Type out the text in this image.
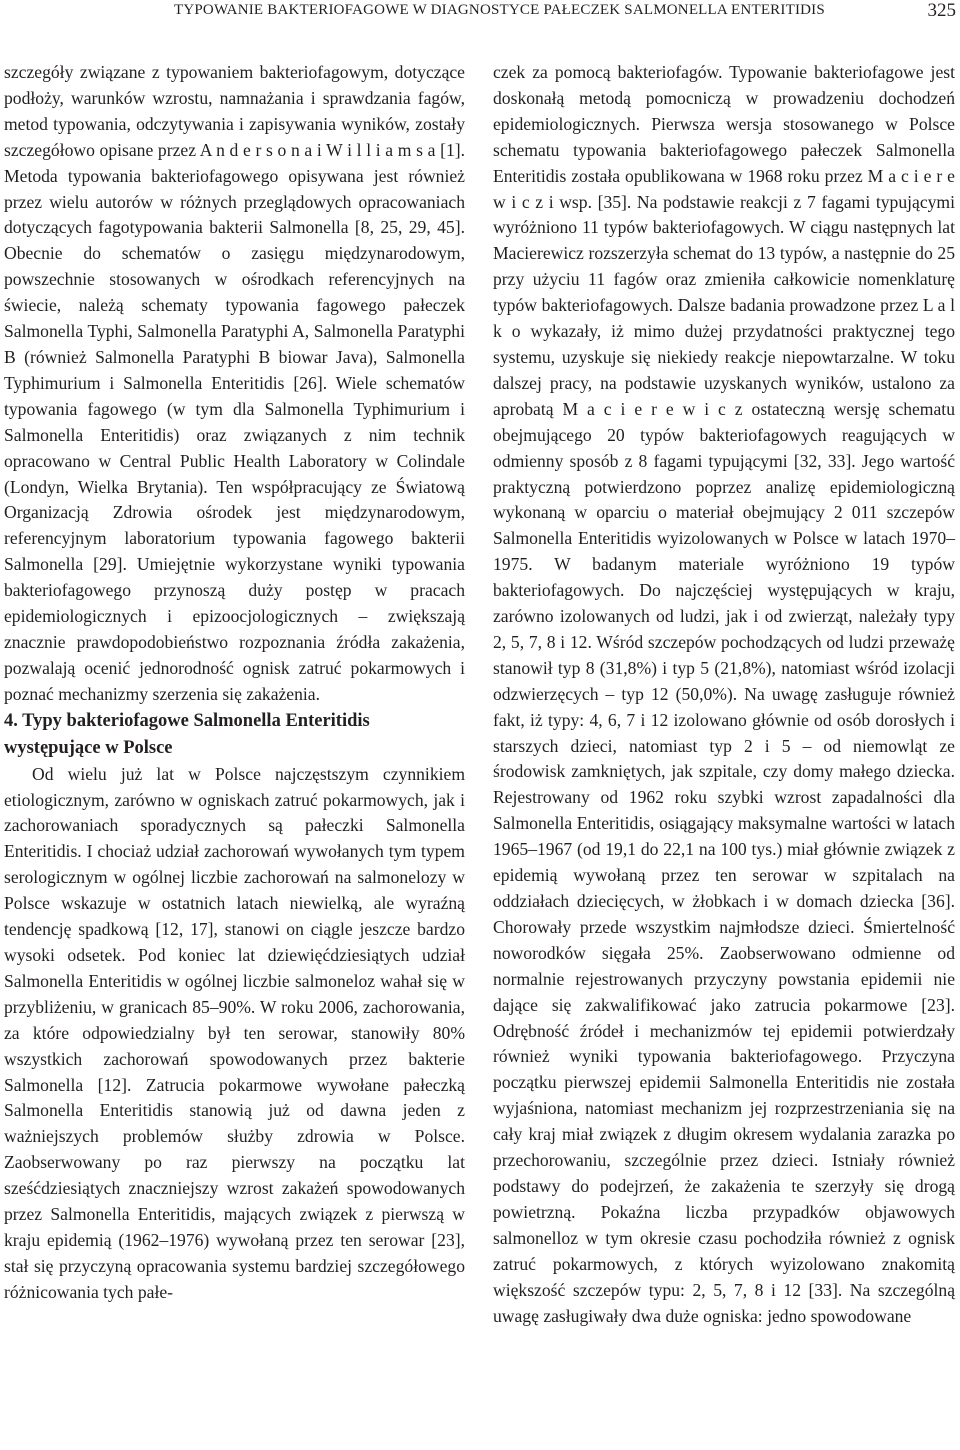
TYPOWANIE BAKTERIOFAGOWE W DIAGNOSTYCE PAŁECZEK SALMONELLA ENTERITIDIS	325

szczegóły związane z typowaniem bakteriofagowym, dotyczące podłoży, warunków wzrostu, namnażania i sprawdzania fagów, metod typowania, odczytywania i zapisywania wyników, zostały szczegółowo opisane przez A n d e r s o n a i W i l l i a m s a [1]. Metoda typowania bakteriofagowego opisywana jest również przez wielu autorów w różnych przeglądowych opracowaniach dotyczących fagotypowania bakterii Salmonella [8, 25, 29, 45]. Obecnie do schematów o zasięgu międzynarodowym, powszechnie stosowanych w ośrodkach referencyjnych na świecie, należą schematy typowania fagowego pałeczek Salmonella Typhi, Salmonella Paratyphi A, Salmonella Paratyphi B (również Salmonella Paratyphi B biowar Java), Salmonella Typhimurium i Salmonella Enteritidis [26]. Wiele schematów typowania fagowego (w tym dla Salmonella Typhimurium i Salmonella Enteritidis) oraz związanych z nim technik opracowano w Central Public Health Laboratory w Colindale (Londyn, Wielka Brytania). Ten współpracujący ze Światową Organizacją Zdrowia ośrodek jest międzynarodowym, referencyjnym laboratorium typowania fagowego bakterii Salmonella [29]. Umiejętnie wykorzystane wyniki typowania bakteriofagowego przynoszą duży postęp w pracach epidemiologicznych i epizoocjologicznych – zwiększają znacznie prawdopodobieństwo rozpoznania źródła zakażenia, pozwalają ocenić jednorodność ognisk zatruć pokarmowych i poznać mechanizmy szerzenia się zakażenia.

4. Typy bakteriofagowe Salmonella Enteritidis występujące w Polsce

Od wielu już lat w Polsce najczęstszym czynnikiem etiologicznym, zarówno w ogniskach zatruć pokarmowych, jak i zachorowaniach sporadycznych są pałeczki Salmonella Enteritidis. I chociaż udział zachorowań wywołanych tym typem serologicznym w ogólnej liczbie zachorowań na salmonelozy w Polsce wskazuje w ostatnich latach niewielką, ale wyraźną tendencję spadkową [12, 17], stanowi on ciągle jeszcze bardzo wysoki odsetek. Pod koniec lat dziewięćdziesiątych udział Salmonella Enteritidis w ogólnej liczbie salmoneloz wahał się w przybliżeniu, w granicach 85–90%. W roku 2006, zachorowania, za które odpowiedzialny był ten serowar, stanowiły 80% wszystkich zachorowań spowodowanych przez bakterie Salmonella [12]. Zatrucia pokarmowe wywołane pałeczką Salmonella Enteritidis stanowią już od dawna jeden z ważniejszych problemów służby zdrowia w Polsce. Zaobserwowany po raz pierwszy na początku lat sześćdziesiątych znaczniejszy wzrost zakażeń spowodowanych przez Salmonella Enteritidis, mających związek z pierwszą w kraju epidemią (1962–1976) wywołaną przez ten serowar [23], stał się przyczyną opracowania systemu bardziej szczegółowego różnicowania tych pałe-

czek za pomocą bakteriofagów. Typowanie bakteriofagowe jest doskonałą metodą pomocniczą w prowadzeniu dochodzeń epidemiologicznych. Pierwsza wersja stosowanego w Polsce schematu typowania bakteriofagowego pałeczek Salmonella Enteritidis została opublikowana w 1968 roku przez M a c i e r e w i c z i wsp. [35]. Na podstawie reakcji z 7 fagami typującymi wyróżniono 11 typów bakteriofagowych. W ciągu następnych lat Macierewicz rozszerzyła schemat do 13 typów, a następnie do 25 przy użyciu 11 fagów oraz zmieniła całkowicie nomenklaturę typów bakteriofagowych. Dalsze badania prowadzone przez L a l k o wykazały, iż mimo dużej przydatności praktycznej tego systemu, uzyskuje się niekiedy reakcje niepowtarzalne. W toku dalszej pracy, na podstawie uzyskanych wyników, ustalono za aprobatą M a c i e r e w i c z ostateczną wersję schematu obejmującego 20 typów bakteriofagowych reagujących w odmienny sposób z 8 fagami typującymi [32, 33]. Jego wartość praktyczną potwierdzono poprzez analizę epidemiologiczną wykonaną w oparciu o materiał obejmujący 2 011 szczepów Salmonella Enteritidis wyizolowanych w Polsce w latach 1970–1975. W badanym materiale wyróżniono 19 typów bakteriofagowych. Do najczęściej występujących w kraju, zarówno izolowanych od ludzi, jak i od zwierząt, należały typy 2, 5, 7, 8 i 12. Wśród szczepów pochodzących od ludzi przeważę stanowił typ 8 (31,8%) i typ 5 (21,8%), natomiast wśród izolacji odzwierzęcych – typ 12 (50,0%). Na uwagę zasługuje również fakt, iż typy: 4, 6, 7 i 12 izolowano głównie od osób dorosłych i starszych dzieci, natomiast typ 2 i 5 – od niemowląt ze środowisk zamkniętych, jak szpitale, czy domy małego dziecka. Rejestrowany od 1962 roku szybki wzrost zapadalności dla Salmonella Enteritidis, osiągający maksymalne wartości w latach 1965–1967 (od 19,1 do 22,1 na 100 tys.) miał głównie związek z epidemią wywołaną przez ten serowar w szpitalach na oddziałach dziecięcych, w żłobkach i w domach dziecka [36]. Chorowały przede wszystkim najmłodsze dzieci. Śmiertelność noworodków sięgała 25%. Zaobserwowano odmienne od normalnie rejestrowanych przyczyny powstania epidemii nie dające się zakwalifikować jako zatrucia pokarmowe [23]. Odrębność źródeł i mechanizmów tej epidemii potwierdzały również wyniki typowania bakteriofagowego. Przyczyna początku pierwszej epidemii Salmonella Enteritidis nie została wyjaśniona, natomiast mechanizm jej rozprzestrzeniania się na cały kraj miał związek z długim okresem wydalania zarazka po przechorowaniu, szczególnie przez dzieci. Istniały również podstawy do podejrzeń, że zakażenia te szerzyły się drogą powietrzną. Pokaźna liczba przypadków objawowych salmonelloz w tym okresie czasu pochodziła również z ognisk zatruć pokarmowych, z których wyizolowano znakomitą większość szczepów typu: 2, 5, 7, 8 i 12 [33]. Na szczególną uwagę zasługiwały dwa duże ogniska: jedno spowodowane
